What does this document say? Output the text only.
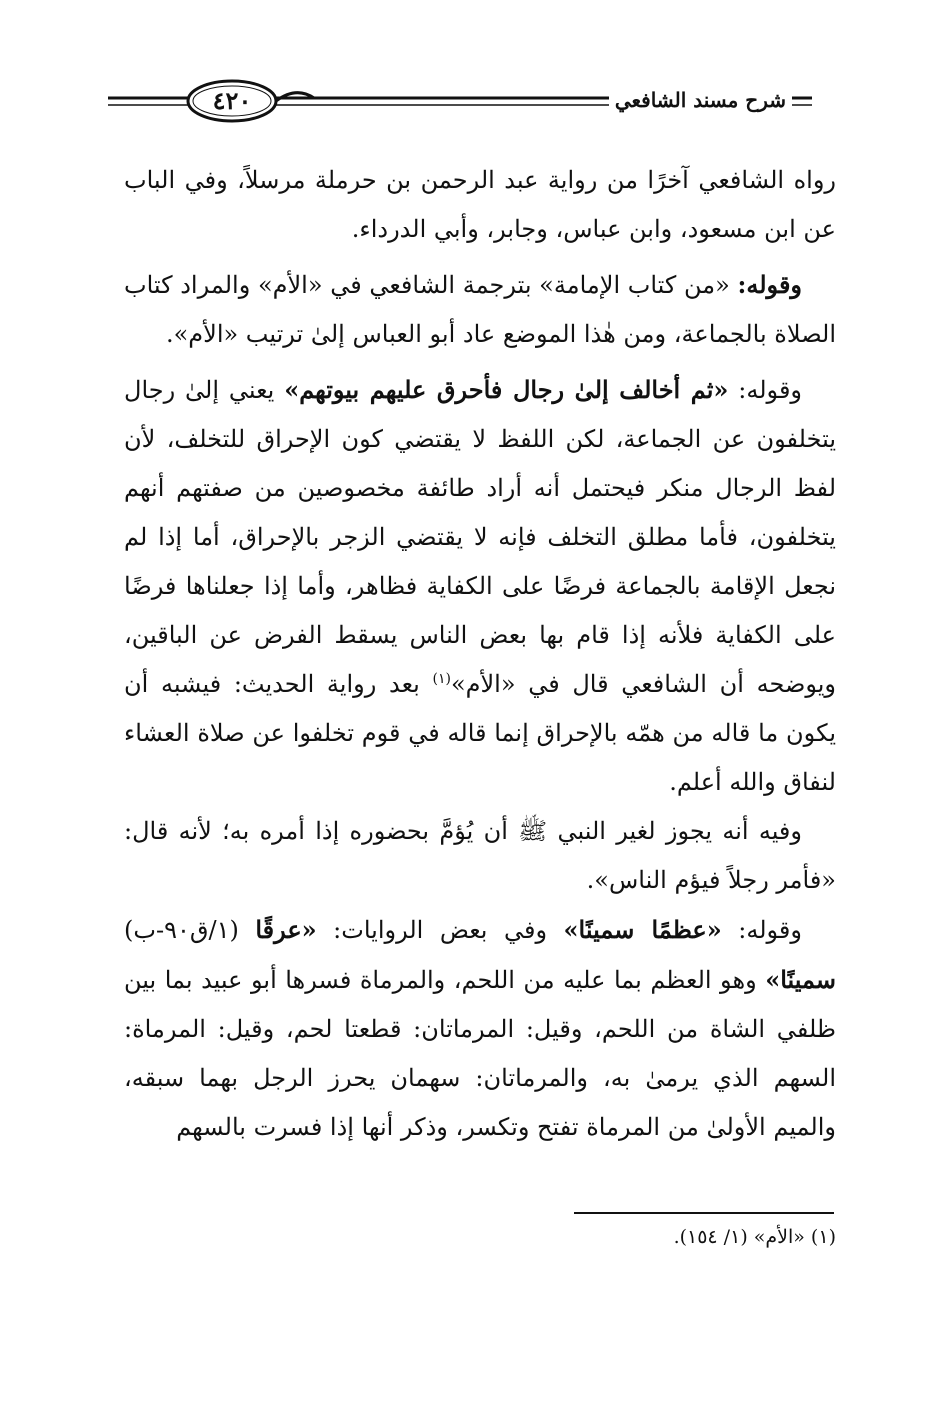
٤٢٠	شرح مسند الشافعي

رواه الشافعي آخرًا من رواية عبد الرحمن بن حرملة مرسلاً، وفي الباب عن ابن مسعود، وابن عباس، وجابر، وأبي الدرداء.

وقوله: «من كتاب الإمامة» بترجمة الشافعي في «الأم» والمراد كتاب الصلاة بالجماعة، ومن هٰذا الموضع عاد أبو العباس إلىٰ ترتيب «الأم».

وقوله: «ثم أخالف إلىٰ رجال فأحرق عليهم بيوتهم» يعني إلىٰ رجال يتخلفون عن الجماعة، لكن اللفظ لا يقتضي كون الإحراق للتخلف، لأن لفظ الرجال منكر فيحتمل أنه أراد طائفة مخصوصين من صفتهم أنهم يتخلفون، فأما مطلق التخلف فإنه لا يقتضي الزجر بالإحراق، أما إذا لم نجعل الإقامة بالجماعة فرضًا على الكفاية فظاهر، وأما إذا جعلناها فرضًا على الكفاية فلأنه إذا قام بها بعض الناس يسقط الفرض عن الباقين، ويوضحه أن الشافعي قال في «الأم»$^{(١)}$ بعد رواية الحديث: فيشبه أن يكون ما قاله من همّه بالإحراق إنما قاله في قوم تخلفوا عن صلاة العشاء لنفاق والله أعلم.

وفيه أنه يجوز لغير النبي ﷺ أن يُؤمَّ بحضوره إذا أمره به؛ لأنه قال: «فأمر رجلاً فيؤم الناس».

وقوله: «عظمًا سمينًا» وفي بعض الروايات: «عرقًا (١/ق٩٠-ب) سمينًا» وهو العظم بما عليه من اللحم، والمرماة فسرها أبو عبيد بما بين ظلفي الشاة من اللحم، وقيل: المرماتان: قطعتا لحم، وقيل: المرماة: السهم الذي يرمىٰ به، والمرماتان: سهمان يحرز الرجل بهما سبقه، والميم الأولىٰ من المرماة تفتح وتكسر، وذكر أنها إذا فسرت بالسهم

(١) «الأم» (١/ ١٥٤).
